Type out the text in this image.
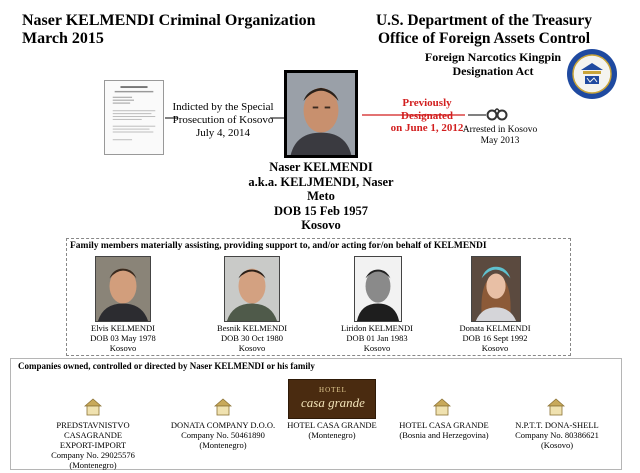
Naser KELMENDI Criminal Organization
March 2015
U.S. Department of the Treasury
Office of Foreign Assets Control
Foreign Narcotics Kingpin
Designation Act
Indicted by the Special
Prosecution of Kosovo
July 4, 2014
Previously
Designated
on June 1, 2012 Arrested in Kosovo
May 2013
Naser KELMENDI
a.k.a. KELJMENDI, Naser Meto
DOB 15 Feb 1957
Kosovo
Family members materially assisting, providing support to, and/or acting for/on behalf of KELMENDI
Elvis KELMENDI
DOB 03 May 1978
Kosovo
Besnik KELMENDI
DOB 30 Oct 1980
Kosovo
Liridon KELMENDI
DOB 01 Jan 1983
Kosovo
Donata KELMENDI
DOB 16 Sept 1992
Kosovo
Companies owned, controlled or directed by Naser KELMENDI or his family
HOTEL
casa grande
PREDSTAVNISTVO CASAGRANDE
EXPORT-IMPORT
Company No. 29025576
(Montenegro)
DONATA COMPANY D.O.O.
Company No. 50461890
(Montenegro)
HOTEL CASA GRANDE
(Montenegro)
HOTEL CASA GRANDE
(Bosnia and Herzegovina)
N.P.T.T. DONA-SHELL
Company No. 80386621
(Kosovo)
